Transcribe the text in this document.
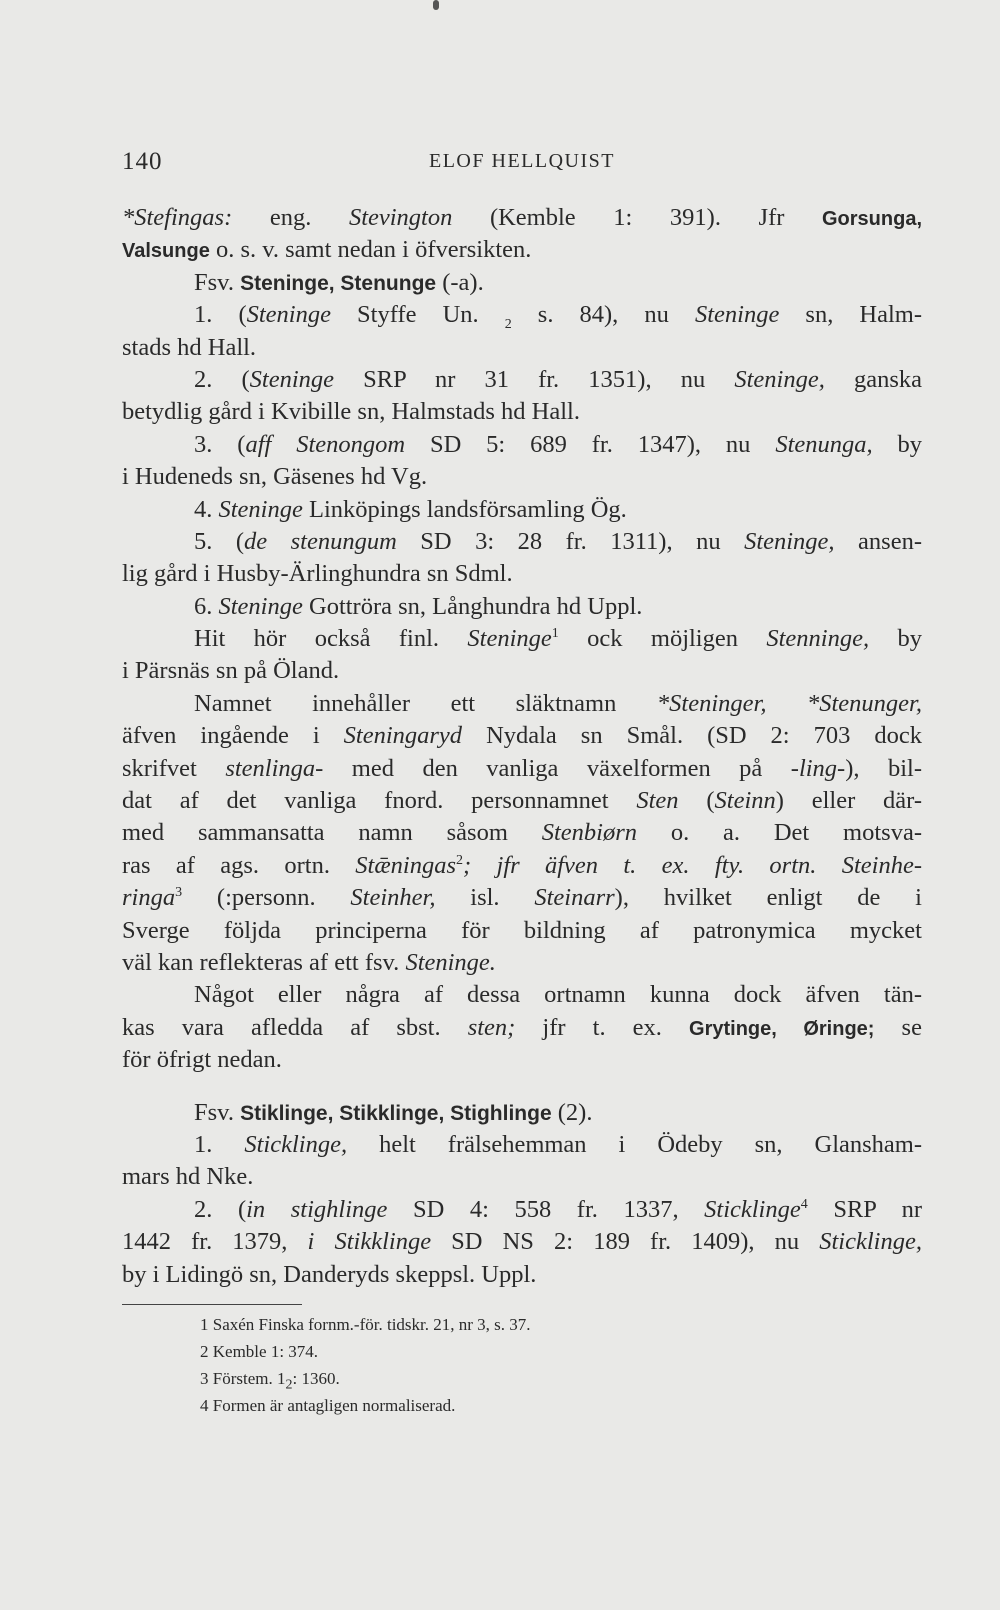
140	ELOF HELLQUIST
*Stefingas: eng. Stevington (Kemble 1: 391). Jfr Gorsunga,
Valsunge o. s. v. samt nedan i öfversikten.
Fsv. Steninge, Stenunge (-a).
1. (Steninge Styffe Un. $_2$ s. 84), nu Steninge sn, Halm-
stads hd Hall.
2. (Steninge SRP nr 31 fr. 1351), nu Steninge, ganska
betydlig gård i Kvibille sn, Halmstads hd Hall.
3. (aff Stenongom SD 5: 689 fr. 1347), nu Stenunga, by
i Hudeneds sn, Gäsenes hd Vg.
4. Steninge Linköpings landsförsamling Ög.
5. (de stenungum SD 3: 28 fr. 1311), nu Steninge, ansen-
lig gård i Husby-Ärlinghundra sn Sdml.
6. Steninge Gottröra sn, Långhundra hd Uppl.
Hit hör också finl. Steninge$^1$ ock möjligen Stenninge, by
i Pärsnäs sn på Öland.
Namnet innehåller ett släktnamn *Steninger, *Stenunger,
äfven ingående i Steningaryd Nydala sn Smål. (SD 2: 703 dock
skrifvet stenlinga- med den vanliga växelformen på -ling-), bil-
dat af det vanliga fnord. personnamnet Sten (Steinn) eller där-
med sammansatta namn såsom Stenbiørn o. a. Det motsva-
ras af ags. ortn. Stǣningas$^2$; jfr äfven t. ex. fty. ortn. Steinhe-
ringa$^3$ (:personn. Steinher, isl. Steinarr), hvilket enligt de i
Sverge följda principerna för bildning af patronymica mycket
väl kan reflekteras af ett fsv. Steninge.
Något eller några af dessa ortnamn kunna dock äfven tän-
kas vara afledda af sbst. sten; jfr t. ex. Grytinge, Øringe; se
för öfrigt nedan.
Fsv. Stiklinge, Stikklinge, Stighlinge (2).
1. Sticklinge, helt frälsehemman i Ödeby sn, Glansham-
mars hd Nke.
2. (in stighlinge SD 4: 558 fr. 1337, Sticklinge$^4$ SRP nr
1442 fr. 1379, i Stikklinge SD NS 2: 189 fr. 1409), nu Sticklinge,
by i Lidingö sn, Danderyds skeppsl. Uppl.
1 Saxén Finska fornm.-för. tidskr. 21, nr 3, s. 37.
2 Kemble 1: 374.
3 Förstem. $1_2$: 1360.
4 Formen är antagligen normaliserad.
